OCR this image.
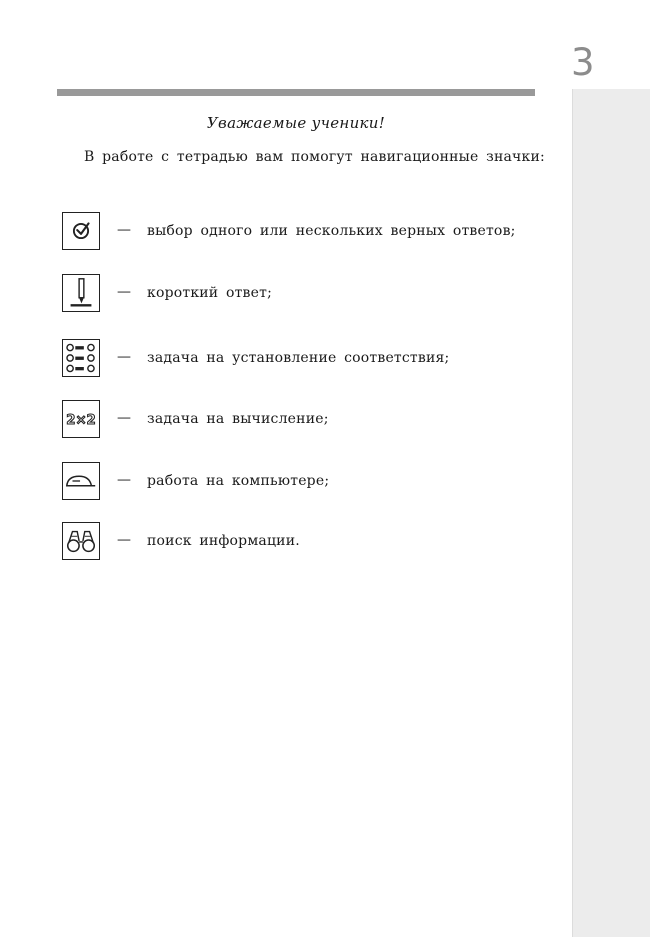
3
Уважаемые ученики!
В работе с тетрадью вам помогут навигационные значки:
— выбор одного или нескольких верных ответов;
— короткий ответ;
— задача на установление соответствия;
2×2 — задача на вычисление;
— работа на компьютере;
— поиск информации.
